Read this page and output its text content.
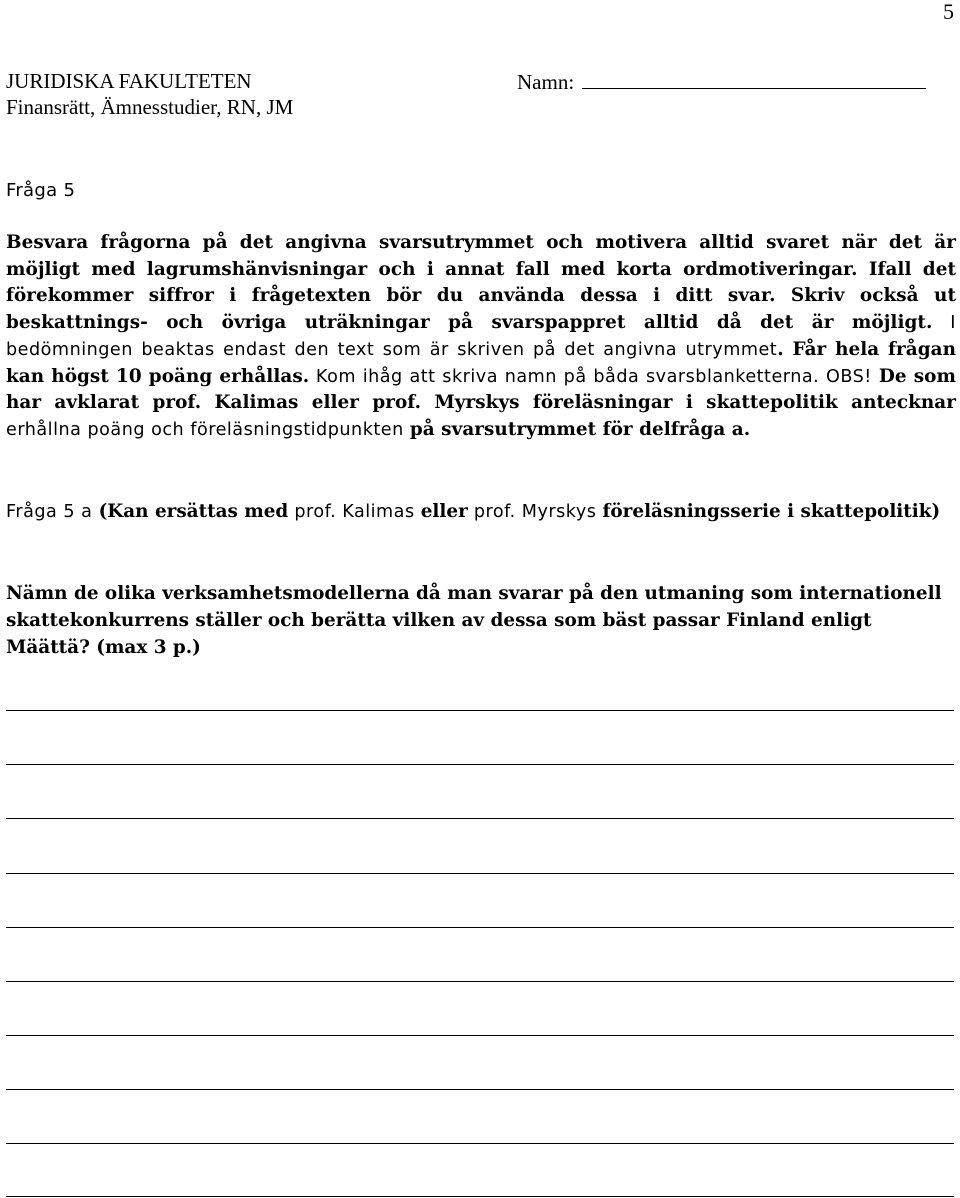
5
JURIDISKA FAKULTETEN
Finansrätt, Ämnesstudier, RN, JM
Namn:
Fråga 5
Besvara frågorna på det angivna svarsutrymmet och motivera alltid svaret när det är möjligt med lagrumshänvisningar och i annat fall med korta ordmotiveringar. Ifall det förekommer siffror i frågetexten bör du använda dessa i ditt svar. Skriv också ut beskattnings- och övriga uträkningar på svarspappret alltid då det är möjligt. I bedömningen beaktas endast den text som är skriven på det angivna utrymmet. Får hela frågan kan högst 10 poäng erhållas. Kom ihåg att skriva namn på båda svarsblanketterna. OBS! De som har avklarat prof. Kalimas eller prof. Myrskys föreläsningar i skattepolitik antecknar erhållna poäng och föreläsningstidpunkten på svarsutrymmet för delfråga a.
Fråga 5 a (Kan ersättas med prof. Kalimas eller prof. Myrskys föreläsningsserie i skattepolitik)
Nämn de olika verksamhetsmodellerna då man svarar på den utmaning som internationell skattekonkurrens ställer och berätta vilken av dessa som bäst passar Finland enligt Määttä? (max 3 p.)
